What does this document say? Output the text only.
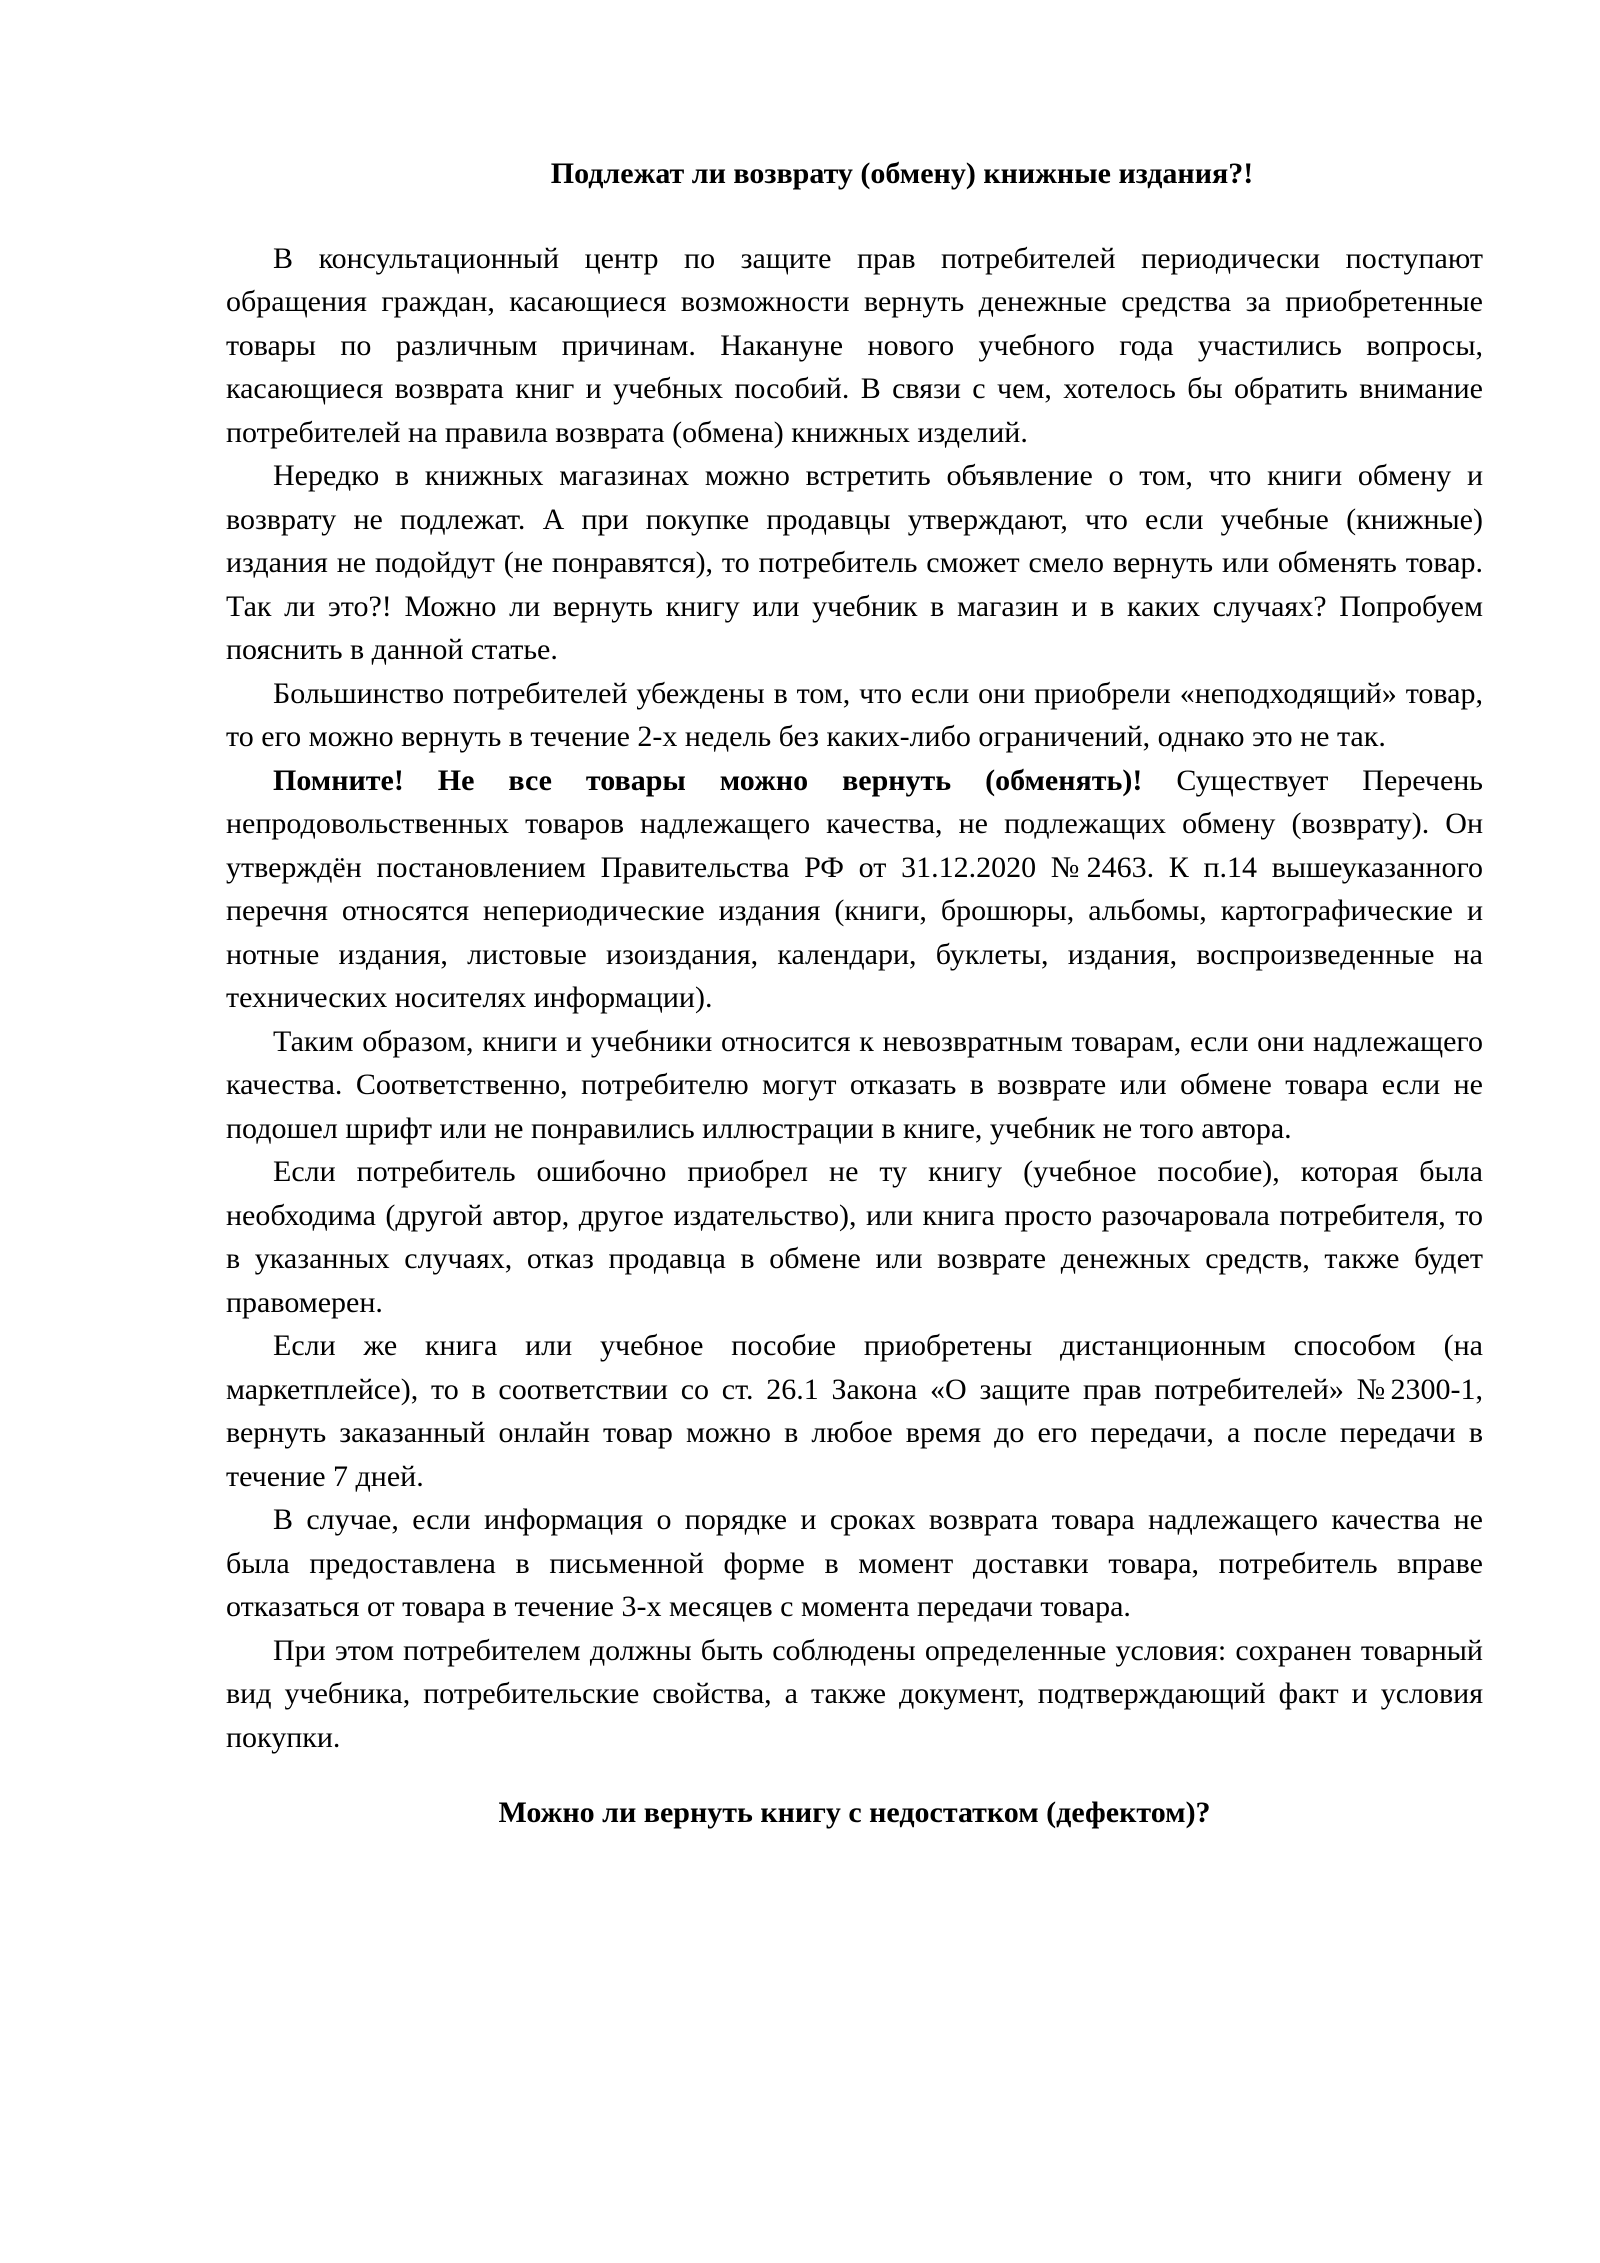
Подлежат ли возврату (обмену) книжные издания?!

В консультационный центр по защите прав потребителей периодически поступают обращения граждан, касающиеся возможности вернуть денежные средства за приобретенные товары по различным причинам. Накануне нового учебного года участились вопросы, касающиеся возврата книг и учебных пособий. В связи с чем, хотелось бы обратить внимание потребителей на правила возврата (обмена) книжных изделий.

Нередко в книжных магазинах можно встретить объявление о том, что книги обмену и возврату не подлежат. А при покупке продавцы утверждают, что если учебные (книжные) издания не подойдут (не понравятся), то потребитель сможет смело вернуть или обменять товар. Так ли это?! Можно ли вернуть книгу или учебник в магазин и в каких случаях? Попробуем пояснить в данной статье.

Большинство потребителей убеждены в том, что если они приобрели «неподходящий» товар, то его можно вернуть в течение 2-х недель без каких-либо ограничений, однако это не так.

Помните! Не все товары можно вернуть (обменять)! Существует Перечень непродовольственных товаров надлежащего качества, не подлежащих обмену (возврату). Он утверждён постановлением Правительства РФ от 31.12.2020 №2463. К п.14 вышеуказанного перечня относятся непериодические издания (книги, брошюры, альбомы, картографические и нотные издания, листовые изоиздания, календари, буклеты, издания, воспроизведенные на технических носителях информации).

Таким образом, книги и учебники относится к невозвратным товарам, если они надлежащего качества. Соответственно, потребителю могут отказать в возврате или обмене товара если не подошел шрифт или не понравились иллюстрации в книге, учебник не того автора.

Если потребитель ошибочно приобрел не ту книгу (учебное пособие), которая была необходима (другой автор, другое издательство), или книга просто разочаровала потребителя, то в указанных случаях, отказ продавца в обмене или возврате денежных средств, также будет правомерен.

Если же книга или учебное пособие приобретены дистанционным способом (на маркетплейсе), то в соответствии со ст. 26.1 Закона «О защите прав потребителей» №2300-1, вернуть заказанный онлайн товар можно в любое время до его передачи, а после передачи в течение 7 дней.

В случае, если информация о порядке и сроках возврата товара надлежащего качества не была предоставлена в письменной форме в момент доставки товара, потребитель вправе отказаться от товара в течение 3-х месяцев с момента передачи товара.

При этом потребителем должны быть соблюдены определенные условия: сохранен товарный вид учебника, потребительские свойства, а также документ, подтверждающий факт и условия покупки.

Можно ли вернуть книгу с недостатком (дефектом)?
